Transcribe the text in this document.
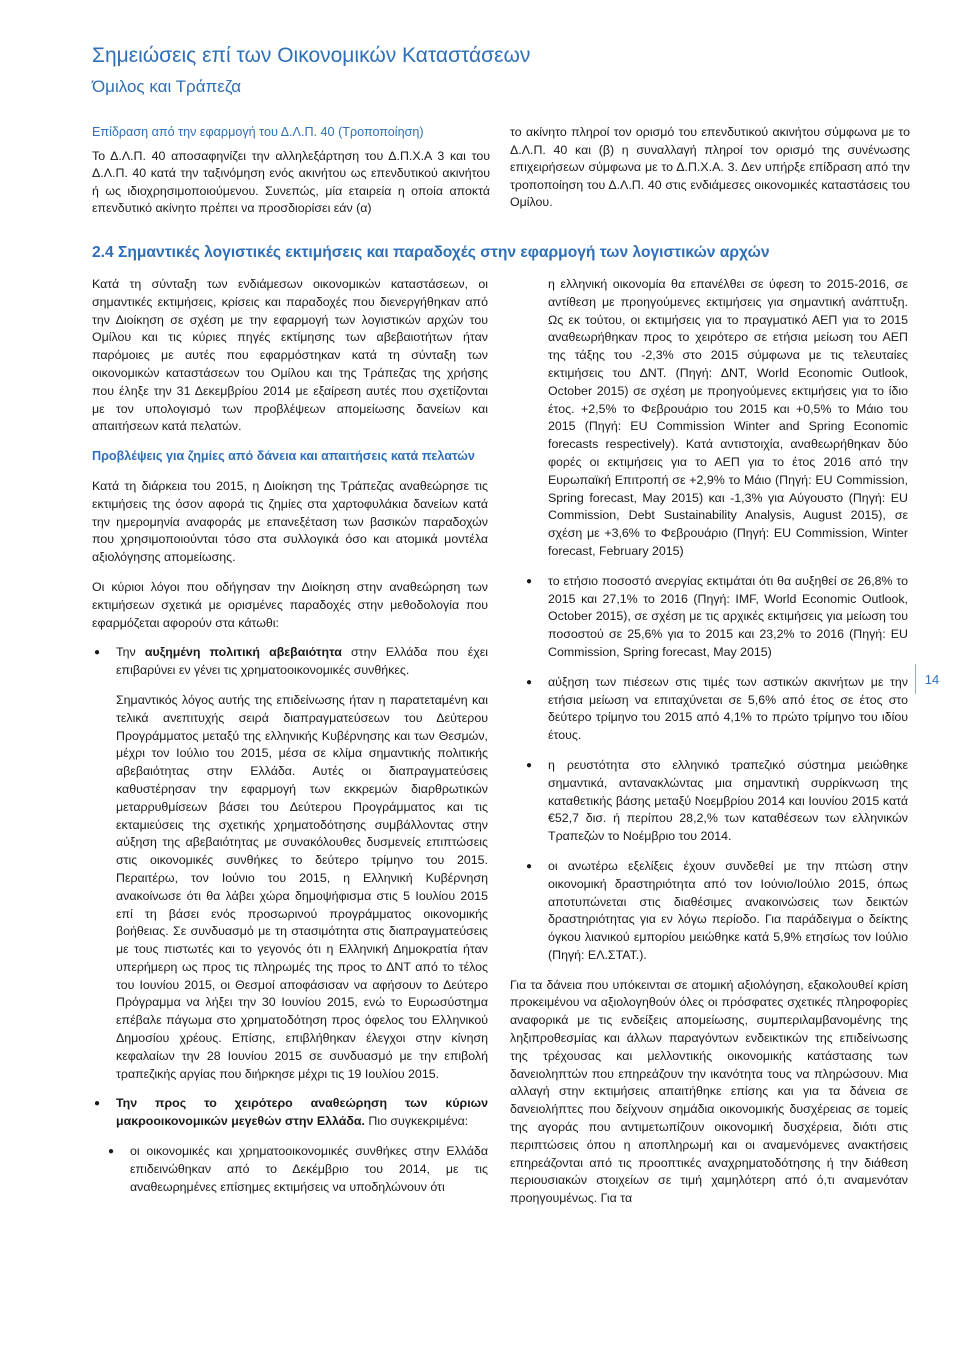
Σημειώσεις επί των Οικονομικών Καταστάσεων
Όμιλος και Τράπεζα

Επίδραση από την εφαρμογή του Δ.Λ.Π. 40 (Τροποποίηση)

Το Δ.Λ.Π. 40 αποσαφηνίζει την αλληλεξάρτηση του Δ.Π.Χ.Α 3 και του Δ.Λ.Π. 40 κατά την ταξινόμηση ενός ακινήτου ως επενδυτικού ακινήτου ή ως ιδιοχρησιμοποιούμενου. Συνεπώς, μία εταιρεία η οποία αποκτά επενδυτικό ακίνητο πρέπει να προσδιορίσει εάν (α)

το ακίνητο πληροί τον ορισμό του επενδυτικού ακινήτου σύμφωνα με το Δ.Λ.Π. 40 και (β) η συναλλαγή πληροί τον ορισμό της συνένωσης επιχειρήσεων σύμφωνα με το Δ.Π.Χ.Α. 3. Δεν υπήρξε επίδραση από την τροποποίηση του Δ.Λ.Π. 40 στις ενδιάμεσες οικονομικές καταστάσεις του Ομίλου.

2.4 Σημαντικές λογιστικές εκτιμήσεις και παραδοχές στην εφαρμογή των λογιστικών αρχών

Κατά τη σύνταξη των ενδιάμεσων οικονομικών καταστάσεων, οι σημαντικές εκτιμήσεις, κρίσεις και παραδοχές που διενεργήθηκαν από την Διοίκηση σε σχέση με την εφαρμογή των λογιστικών αρχών του Ομίλου και τις κύριες πηγές εκτίμησης των αβεβαιοτήτων ήταν παρόμοιες με αυτές που εφαρμόστηκαν κατά τη σύνταξη των οικονομικών καταστάσεων του Ομίλου και της Τράπεζας της χρήσης που έληξε την 31 Δεκεμβρίου 2014 με εξαίρεση αυτές που σχετίζονται με τον υπολογισμό των προβλέψεων απομείωσης δανείων και απαιτήσεων κατά πελατών.

Προβλέψεις για ζημίες από δάνεια και απαιτήσεις κατά πελατών

Κατά τη διάρκεια του 2015, η Διοίκηση της Τράπεζας αναθεώρησε τις εκτιμήσεις της όσον αφορά τις ζημίες στα χαρτοφυλάκια δανείων κατά την ημερομηνία αναφοράς με επανεξέταση των βασικών παραδοχών που χρησιμοποιούνται τόσο στα συλλογικά όσο και ατομικά μοντέλα αξιολόγησης απομείωσης.

Οι κύριοι λόγοι που οδήγησαν την Διοίκηση στην αναθεώρηση των εκτιμήσεων σχετικά με ορισμένες παραδοχές στην μεθοδολογία που εφαρμόζεται αφορούν στα κάτωθι:

● Την αυξημένη πολιτική αβεβαιότητα στην Ελλάδα που έχει επιβαρύνει εν γένει τις χρηματοοικονομικές συνθήκες.

Σημαντικός λόγος αυτής της επιδείνωσης ήταν η παρατεταμένη και τελικά ανεπιτυχής σειρά διαπραγματεύσεων του Δεύτερου Προγράμματος μεταξύ της ελληνικής Κυβέρνησης και των Θεσμών, μέχρι τον Ιούλιο του 2015, μέσα σε κλίμα σημαντικής πολιτικής αβεβαιότητας στην Ελλάδα. Αυτές οι διαπραγματεύσεις καθυστέρησαν την εφαρμογή των εκκρεμών διαρθρωτικών μεταρρυθμίσεων βάσει του Δεύτερου Προγράμματος και τις εκταμιεύσεις της σχετικής χρηματοδότησης συμβάλλοντας στην αύξηση της αβεβαιότητας με συνακόλουθες δυσμενείς επιπτώσεις στις οικονομικές συνθήκες το δεύτερο τρίμηνο του 2015. Περαιτέρω, τον Ιούνιο του 2015, η Ελληνική Κυβέρνηση ανακοίνωσε ότι θα λάβει χώρα δημοψήφισμα στις 5 Ιουλίου 2015 επί τη βάσει ενός προσωρινού προγράμματος οικονομικής βοήθειας. Σε συνδυασμό με τη στασιμότητα στις διαπραγματεύσεις με τους πιστωτές και το γεγονός ότι η Ελληνική Δημοκρατία ήταν υπερήμερη ως προς τις πληρωμές της προς το ΔΝΤ από το τέλος του Ιουνίου 2015, οι Θεσμοί αποφάσισαν να αφήσουν το Δεύτερο Πρόγραμμα να λήξει την 30 Ιουνίου 2015, ενώ το Ευρωσύστημα επέβαλε πάγωμα στο χρηματοδότηση προς όφελος του Ελληνικού Δημοσίου χρέους. Επίσης, επιβλήθηκαν έλεγχοι στην κίνηση κεφαλαίων την 28 Ιουνίου 2015 σε συνδυασμό με την επιβολή τραπεζικής αργίας που διήρκησε μέχρι τις 19 Ιουλίου 2015.

● Την προς το χειρότερο αναθεώρηση των κύριων μακροοικονομικών μεγεθών στην Ελλάδα. Πιο συγκεκριμένα:

● οι οικονομικές και χρηματοοικονομικές συνθήκες στην Ελλάδα επιδεινώθηκαν από το Δεκέμβριο του 2014, με τις αναθεωρημένες επίσημες εκτιμήσεις να υποδηλώνουν ότι

η ελληνική οικονομία θα επανέλθει σε ύφεση το 2015-2016, σε αντίθεση με προηγούμενες εκτιμήσεις για σημαντική ανάπτυξη. Ως εκ τούτου, οι εκτιμήσεις για το πραγματικό ΑΕΠ για το 2015 αναθεωρήθηκαν προς το χειρότερο σε ετήσια μείωση του ΑΕΠ της τάξης του -2,3% στο 2015 σύμφωνα με τις τελευταίες εκτιμήσεις του ΔΝΤ. (Πηγή: ΔΝΤ, World Economic Outlook, October 2015) σε σχέση με προηγούμενες εκτιμήσεις για το ίδιο έτος. +2,5% το Φεβρουάριο του 2015 και +0,5% το Μάιο του 2015 (Πηγή: EU Commission Winter and Spring Economic forecasts respectively). Κατά αντιστοιχία, αναθεωρήθηκαν δύο φορές οι εκτιμήσεις για το ΑΕΠ για το έτος 2016 από την Ευρωπαϊκή Επιτροπή σε +2,9% το Μάιο (Πηγή: EU Commission, Spring forecast, May 2015) και -1,3% για Αύγουστο (Πηγή: EU Commission, Debt Sustainability Analysis, August 2015), σε σχέση με +3,6% το Φεβρουάριο (Πηγή: EU Commission, Winter forecast, February 2015)

● το ετήσιο ποσοστό ανεργίας εκτιμάται ότι θα αυξηθεί σε 26,8% το 2015 και 27,1% το 2016 (Πηγή: IMF, World Economic Outlook, October 2015), σε σχέση με τις αρχικές εκτιμήσεις για μείωση του ποσοστού σε 25,6% για το 2015 και 23,2% το 2016 (Πηγή: EU Commission, Spring forecast, May 2015)

● αύξηση των πιέσεων στις τιμές των αστικών ακινήτων με την ετήσια μείωση να επιταχύνεται σε 5,6% από έτος σε έτος στο δεύτερο τρίμηνο του 2015 από 4,1% το πρώτο τρίμηνο του ιδίου έτους.

● η ρευστότητα στο ελληνικό τραπεζικό σύστημα μειώθηκε σημαντικά, αντανακλώντας μια σημαντική συρρίκνωση της καταθετικής βάσης μεταξύ Νοεμβρίου 2014 και Ιουνίου 2015 κατά €52,7 δισ. ή περίπου 28,2,% των καταθέσεων των ελληνικών Τραπεζών το Νοέμβριο του 2014.

● οι ανωτέρω εξελίξεις έχουν συνδεθεί με την πτώση στην οικονομική δραστηριότητα από τον Ιούνιο/Ιούλιο 2015, όπως αποτυπώνεται στις διαθέσιμες ανακοινώσεις των δεικτών δραστηριότητας για εν λόγω περίοδο. Για παράδειγμα ο δείκτης όγκου λιανικού εμπορίου μειώθηκε κατά 5,9% ετησίως τον Ιούλιο (Πηγή: ΕΛ.ΣΤΑΤ.).

Για τα δάνεια που υπόκεινται σε ατομική αξιολόγηση, εξακολουθεί κρίση προκειμένου να αξιολογηθούν όλες οι πρόσφατες σχετικές πληροφορίες αναφορικά με τις ενδείξεις απομείωσης, συμπεριλαμβανομένης της ληξιπροθεσμίας και άλλων παραγόντων ενδεικτικών της επιδείνωσης της τρέχουσας και μελλοντικής οικονομικής κατάστασης των δανειοληπτών που επηρεάζουν την ικανότητα τους να πληρώσουν. Μια αλλαγή στην εκτιμήσεις απαιτήθηκε επίσης και για τα δάνεια σε δανειολήπτες που δείχνουν σημάδια οικονομικής δυσχέρειας σε τομείς της αγοράς που αντιμετωπίζουν οικονομική δυσχέρεια, διότι στις περιπτώσεις όπου η αποπληρωμή και οι αναμενόμενες ανακτήσεις επηρεάζονται από τις προοπτικές αναχρηματοδότησης ή την διάθεση περιουσιακών στοιχείων σε τιμή χαμηλότερη από ό,τι αναμενόταν προηγουμένως. Για τα

14
